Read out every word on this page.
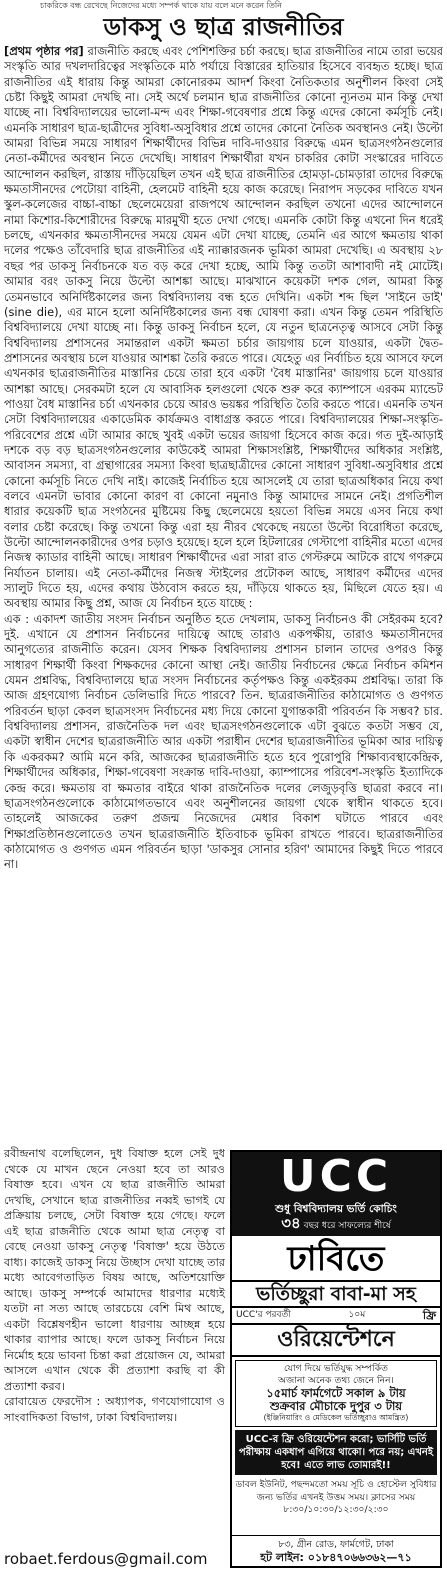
চাকরিকে বন্ধ রেখেছে নিজেদের মধ্যে সম্পর্ক থাকে যায় বলে মনে করেন তিনি
ডাকসু ও ছাত্র রাজনীতির

[প্রথম পৃষ্ঠার পর] রাজনীতি করছে এবং পেশিশক্তির চর্চা করছে। ছাত্র রাজনীতির নামে তারা ভয়ের সংস্কৃতি আর দখলদারিত্বের সংস্কৃতিকে মাঠ পর্যায়ে বিস্তারের হাতিয়ার হিসেবে ব্যবহৃত হচ্ছে। ছাত্র রাজনীতির এই ধারায় কিন্তু আমরা কোনোরকম আদর্শ কিংবা নৈতিকতার অনুশীলন কিংবা সেই চেষ্টা কিছুই আমরা দেখছি না। সেই অর্থে চলমান ছাত্র রাজনীতির কোনো ন্যূনতম মান কিন্তু দেখা যাচ্ছে না। বিশ্ববিদ্যালয়ের ভালো-মন্দ এবং শিক্ষা-গবেষণার প্রশ্নে কিন্তু এদের কোনো কর্মসূচি নেই। এমনকি সাধারণ ছাত্র-ছাত্রীদের সুবিধা-অসুবিধার প্রশ্নে তাদের কোনো নৈতিক অবস্থানও নেই। উল্টো আমরা বিভিন্ন সময়ে সাধারণ শিক্ষার্থীদের বিভিন্ন দাবি-দাওয়ার বিরুদ্ধে এমন ছাত্রসংগঠনগুলোর নেতা-কর্মীদের অবস্থান নিতে দেখেছি। সাধারণ শিক্ষার্থীরা যখন চাকরির কোটা সংস্কারের দাবিতে আন্দোলন করছিল, রাস্তায় দাঁড়িয়েছিল তখন এই ছাত্র রাজনীতির হোমড়া-চোমড়ারা তাদের বিরুদ্ধে ক্ষমতাসীনদের পেটোয়া বাহিনী, হেলমেট বাহিনী হয়ে কাজ করেছে। নিরাপদ সড়কের দাবিতে যখন স্কুল-কলেজের বাচ্চা-বাচ্চা ছেলেমেয়েরা রাজপথে আন্দোলন করছিল তখনো এদের আন্দোলনে নামা কিশোর-কিশোরীদের বিরুদ্ধে মারমুখী হতে দেখা গেছে। এমনকি কোটা কিন্তু এখনো দিন ধরেই চলছে, এখনকার ক্ষমতাসীনদের সময়ে যেমন এটা দেখা যাচ্ছে, তেমনি এর আগে ক্ষমতায় থাকা দলের পক্ষেও তাঁবেদারি ছাত্র রাজনীতির এই ন্যাক্কারজনক ভূমিকা আমরা দেখেছি। এ অবস্থায় ২৮ বছর পর ডাকসু নির্বাচনকে যত বড় করে দেখা হচ্ছে, আমি কিন্তু ততটা আশাবাদী নই মোটেই। আমার বরং ডাকসু নিয়ে উল্টো আশঙ্কা আছে। মাঝখানে কয়েকটা দশক গেল, আমরা কিন্তু তেমনভাবে অনির্দিষ্টকালের জন্য বিশ্ববিদ্যালয় বন্ধ হতে দেখিনি। একটা শব্দ ছিল 'সাইনে ডাই' (sine die), এর মানে হলো অনির্দিষ্টকালের জন্য বন্ধ ঘোষণা করা। এখন কিন্তু তেমন পরিস্থিতি বিশ্ববিদ্যালয়ে দেখা যাচ্ছে না। কিন্তু ডাকসু নির্বাচন হলে, যে নতুন ছাত্রনেতৃত্ব আসবে সেটা কিন্তু বিশ্ববিদ্যালয় প্রশাসনের সমান্তরাল একটা ক্ষমতা চর্চার জায়গায় চলে যাওয়ার, একটা দ্বৈত-প্রশাসনের অবস্থায় চলে যাওয়ার আশঙ্কা তৈরি করতে পারে। যেহেতু এর নির্বাচিত হয়ে আসবে ফলে এখনকার ছাত্ররাজনীতির মাস্তানির চেয়ে তারা হবে একটা 'বৈধ মাস্তানির' জায়গায় চলে যাওয়ার আশঙ্কা আছে। সেরকমটা হলে যে আবাসিক হলগুলো থেকে শুরু করে ক্যাম্পাসে এরকম ম্যান্ডেট পাওয়া বৈধ মাস্তানির চর্চা এখনকার চেয়ে আরও ভয়ঙ্কর পরিস্থিতি তৈরি করতে পারে। এমনকি তখন সেটা বিশ্ববিদ্যালয়ের একাডেমিক কার্যক্রমও বাধাগ্রস্ত করতে পারে। বিশ্ববিদ্যালয়ের শিক্ষা-সংস্কৃতি-পরিবেশের প্রশ্নে এটা আমার কাছে খুবই একটা ভয়ের জায়গা হিসেবে কাজ করে। গত দুই-আড়াই দশকে বড় বড় ছাত্রসংগঠনগুলোর কাউকেই আমরা শিক্ষাসংশ্লিষ্ট, শিক্ষার্থীদের অধিকার সংশ্লিষ্ট, আবাসন সমস্যা, বা গ্রন্থাগারের সমস্যা কিংবা ছাত্রছাত্রীদের কোনো সাধারণ সুবিধা-অসুবিধার প্রশ্নে কোনো কর্মসূচি নিতে দেখি নাই। কাজেই নির্বাচিত হয়ে আসলেই যে তারা ছাত্রঅধিকার নিয়ে কথা বলবে এমনটা ভাবার কোনো কারণ বা কোনো নমুনাও কিন্তু আমাদের সামনে নেই। প্রগতিশীল ধারার কয়েকটি ছাত্র সংগঠনের মুষ্টিমেয় কিছু ছেলেমেয়ে হয়তো বিভিন্ন সময়ে এসব নিয়ে কথা বলার চেষ্টা করেছে। কিন্তু তখনো কিন্তু এরা হয় নীরব থেকেছে নয়তো উল্টো বিরোধিতা করেছে, উল্টো আন্দোলনকারীদের ওপর চড়াও হয়েছে। হলে হলে হিটলারের গেস্টাপো বাহিনীর মতো এদের নিজস্ব ক্যাডার বাহিনী আছে। সাধারণ শিক্ষার্থীদের এরা সারা রাত গেস্টরুমে আটকে রাখে গণরুমে নির্যাতন চালায়। এই নেতা-কর্মীদের নিজস্ব স্টাইলের প্রটোকল আছে, সাধারণ কর্মীদের এদের স্যালুট দিতে হয়, এদের কথায় উঠবোস করতে হয়, দাঁড়িয়ে থাকতে হয়, মিছিলে যেতে হয়। এ অবস্থায় আমার কিছু প্রশ্ন, আজ যে নির্বাচন হতে যাচ্ছে :

এক : একাদশ জাতীয় সংসদ নির্বাচন অনুষ্ঠিত হতে দেখলাম, ডাকসু নির্বাচনও কী সেইরকম হবে? দুই. এখানে যে প্রশাসন নির্বাচনের দায়িত্বে আছে তারাও একপক্ষীয়, তারাও ক্ষমতাসীনদের আনুগত্যের রাজনীতি করেন। যেসব শিক্ষক বিশ্ববিদ্যালয় প্রশাসন চালান তাদের ওপরও কিন্তু সাধারণ শিক্ষার্থী কিংবা শিক্ষকদের কোনো আস্থা নেই। জাতীয় নির্বাচনের ক্ষেত্রে নির্বাচন কমিশন যেমন প্রশ্নবিদ্ধ, বিশ্ববিদ্যালয়ে ছাত্র সংসদ নির্বাচনের কর্তৃপক্ষও কিন্তু একইরকম প্রশ্নবিদ্ধ। তারা কি আজ গ্রহণযোগ্য নির্বাচন ডেলিভারি দিতে পারবে? তিন. ছাত্ররাজনীতির কাঠামোগত ও গুণগত পরিবর্তন ছাড়া কেবল ছাত্রসংসদ নির্বাচনের মধ্য দিয়ে কোনো যুগান্তকারী পরিবর্তন কি সম্ভব? চার. বিশ্ববিদ্যালয় প্রশাসন, রাজনৈতিক দল এবং ছাত্রসংগঠনগুলোকে এটা বুঝতে কতটা সম্ভব যে, একটা স্বাধীন দেশের ছাত্ররাজনীতি আর একটা পরাধীন দেশের ছাত্ররাজনীতির ভূমিকা আর দায়িত্ব কি একরকম? আমি মনে করি, আজকের ছাত্ররাজনীতি হতে হবে পুরোপুরি শিক্ষাব্যবস্থাকেন্দ্রিক, শিক্ষার্থীদের অধিকার, শিক্ষা-গবেষণা সংক্রান্ত দাবি-দাওয়া, ক্যাম্পাসের পরিবেশ-সংস্কৃতি ইত্যাদিকে কেন্দ্র করে। ক্ষমতায় বা ক্ষমতার বাইরে থাকা রাজনৈতিক দলের লেজুড়বৃত্তি ছাত্ররা করবে না। ছাত্রসংগঠনগুলোকে কাঠামোগতভাবে এবং অনুশীলনের জায়গা থেকে স্বাধীন থাকতে হবে। তাহলেই আজকের তরুণ প্রজন্ম নিজেদের মেধার বিকাশ ঘটাতে পারবে এবং শিক্ষাপ্রতিষ্ঠানগুলোতেও তখন ছাত্ররাজনীতি ইতিবাচক ভূমিকা রাখতে পারবে। ছাত্ররাজনীতির কাঠামোগত ও গুণগত এমন পরিবর্তন ছাড়া 'ডাকসুর সোনার হরিণ' আমাদের কিছুই দিতে পারবে না।

রবীন্দ্রনাথ বলেছিলেন, দুধ বিষাক্ত হলে সেই দুধ থেকে যে মাখন ছেনে নেওয়া হবে তা আরও বিষাক্ত হবে। এখন যে ছাত্র রাজনীতি আমরা দেখছি, সেখানে ছাত্র রাজনীতির নব্বই ভাগই যে প্রক্রিয়ায় চলছে, সেটা বিষাক্ত হয়ে গেছে। ফলে এই ছাত্র রাজনীতি থেকে আমা ছাত্র নেতৃত্ব বা বেছে নেওয়া ডাকসু নেতৃত্ব 'বিষাক্ত' হয়ে উঠতে বাধ্য। কাজেই ডাকসু নিয়ে উচ্ছাস দেখা যাচ্ছে তার মধ্যে আবেগতাড়িত বিষয় আছে, অতিশয়োক্তি আছে। ডাকসু সম্পর্কে আমাদের ধারণার মধ্যেই যতটা না সত্য আছে তারচেয়ে বেশি মিথ আছে, একটা বিশ্লেষণহীন ভালো ধারণায় আচ্ছন্ন হয়ে থাকার ব্যাপার আছে। ফলে ডাকসু নির্বাচন নিয়ে নির্মোহ হয়ে ভাবনা চিন্তা করা প্রয়োজন যে, আমরা আসলে এখান থেকে কী প্রত্যাশা করছি বা কী প্রত্যাশা করব।

রোবায়েত ফেরদৌস : অধ্যাপক, গণযোগাযোগ ও সাংবাদিকতা বিভাগ, ঢাকা বিশ্ববিদ্যালয়।

robaet.ferdous@gmail.com
UCC
শুধু বিশ্ববিদ্যালয় ভর্তি কোচিং
৩৪ বছর ধরে সাফল্যের শীর্ষে
ঢাবিতে
ভর্তিচ্ছুরা বাবা-মা সহ
UCC'র পরবর্তী	১০ম	ফ্রি
ওরিয়েন্টেশনে
যোগ দিয়ে ভর্তিযুদ্ধ সম্পর্কিত
অজানা অনেক তথ্য জেনে নিন।
১৫মার্চ ফার্মগেটে সকাল ৯ টায়
শুক্রবার মৌচাকে দুপুর ৩ টায়
(ইঞ্জিনিয়ারিং ও মেডিকেল ভর্তিচ্ছুরাও আমন্ত্রিত)
UCC-র ফ্রি ওরিয়েন্টেশন করো; ভার্সিটি ভর্তি পরীক্ষায় একধাপ এগিয়ে থাকো। পরে নয়; এখনই হবে! এতে লাভ তোমারই!!
ডাবল ইউনিট, পছন্দমতো সময় সূচি ও হোস্টেল সুবিধার জন্য ভর্তির এখনই উত্তম সময়। ক্লাসের সময় ৮:৩০/১০:৩০/১২:৩০/২:৩০
৮৩, গ্রীন রোড, ফার্মগেট, ঢাকা
হট লাইন: ০১৮৪৭০৬৬৩৬২—৭১
